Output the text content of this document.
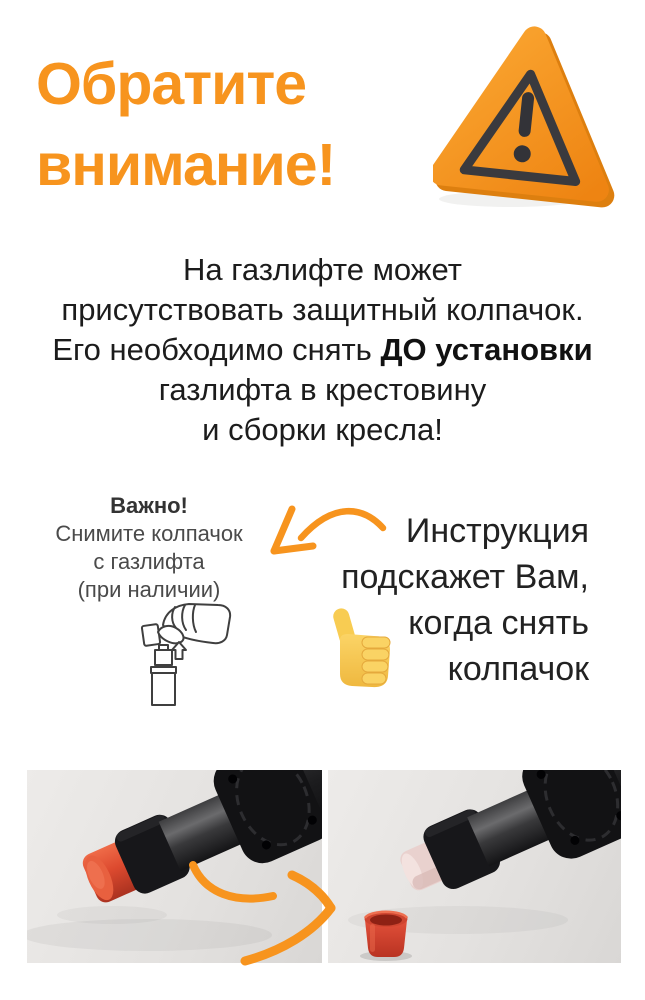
Обратите
внимание!
На газлифте может
присутствовать защитный колпачок.
Его необходимо снять ДО установки
газлифта в крестовину
и сборки кресла!
Важно!
Снимите колпачок
с газлифта
(при наличии)
Инструкция
подскажет Вам,
когда снять
колпачок
